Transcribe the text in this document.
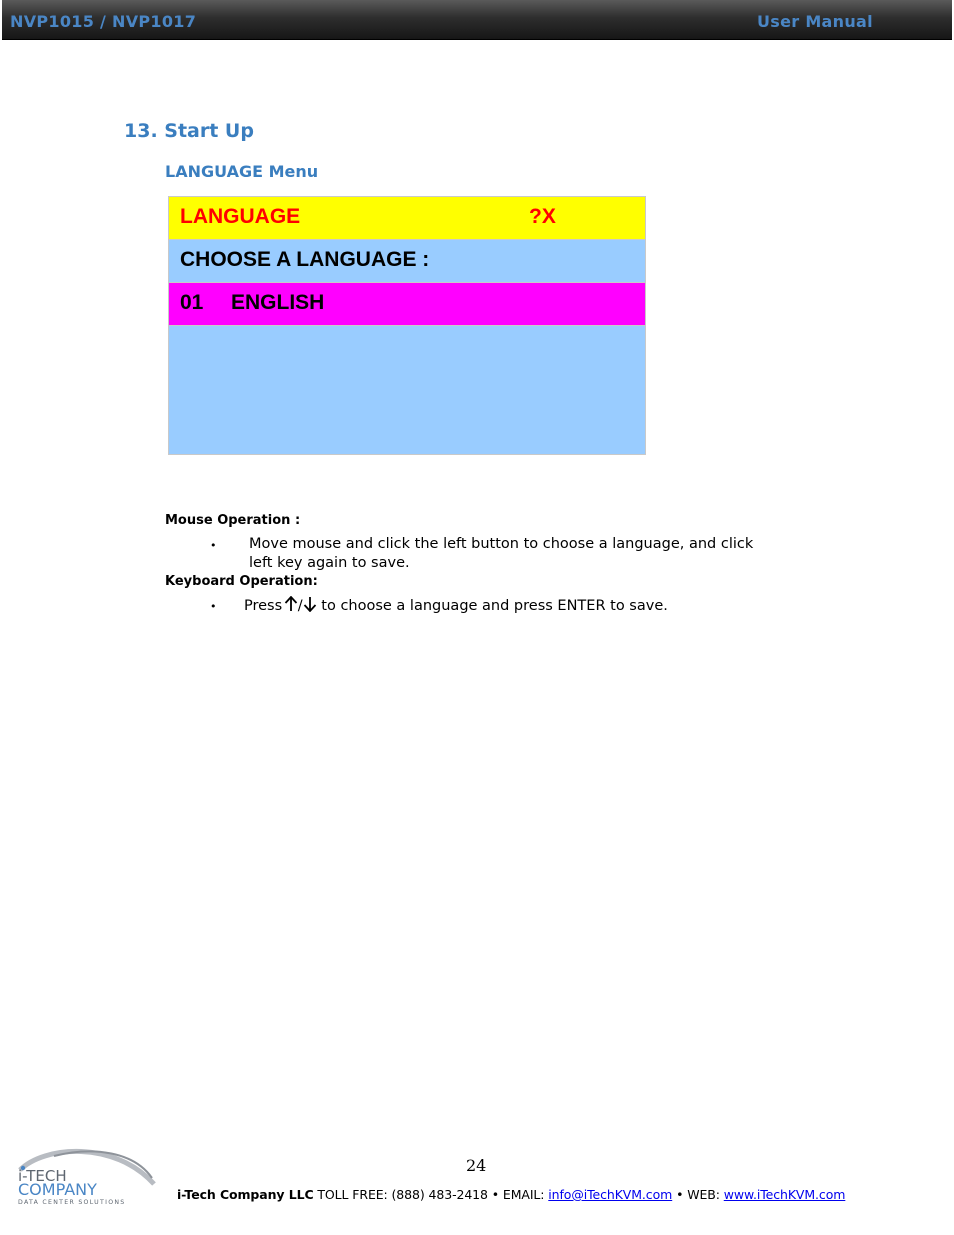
NVP1015 / NVP1017	User Manual
13. Start Up
LANGUAGE Menu
LANGUAGE	?X
CHOOSE A LANGUAGE :
01 ENGLISH
Mouse Operation :
• Move mouse and click the left button to choose a language, and click
left key again to save.
Keyboard Operation:
• Press / to choose a language and press ENTER to save.
i-TECH
COMPANY
DATA CENTER SOLUTIONS
24
i-Tech Company LLC TOLL FREE: (888) 483-2418 • EMAIL: info@iTechKVM.com • WEB: www.iTechKVM.com
